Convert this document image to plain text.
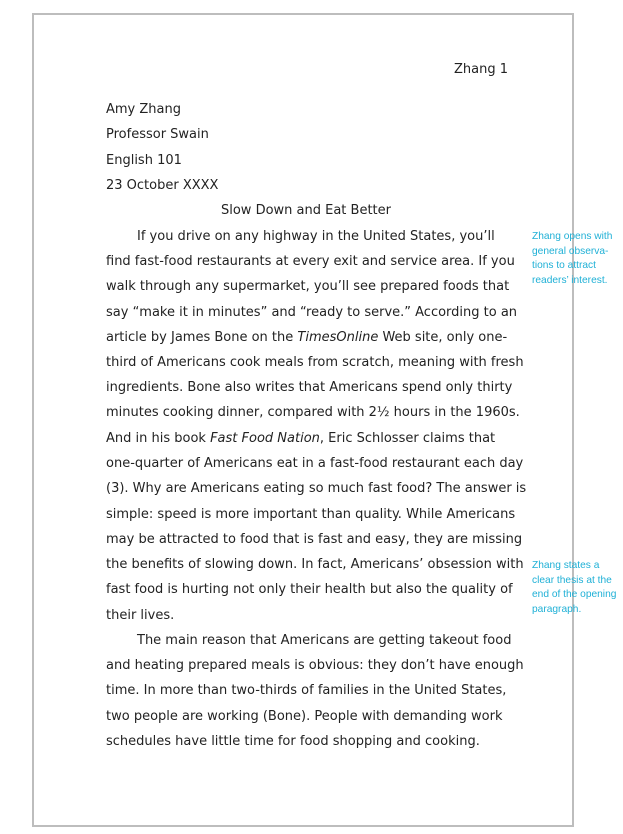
Zhang 1
Amy Zhang
Professor Swain
English 101
23 October XXXX
Slow Down and Eat Better
If you drive on any highway in the United States, you’ll
find fast-food restaurants at every exit and service area. If you
walk through any supermarket, you’ll see prepared foods that
say “make it in minutes” and “ready to serve.” According to an
article by James Bone on the TimesOnline Web site, only one-
third of Americans cook meals from scratch, meaning with fresh
ingredients. Bone also writes that Americans spend only thirty
minutes cooking dinner, compared with 2½ hours in the 1960s.
And in his book Fast Food Nation, Eric Schlosser claims that
one-quarter of Americans eat in a fast-food restaurant each day
(3). Why are Americans eating so much fast food? The answer is
simple: speed is more important than quality. While Americans
may be attracted to food that is fast and easy, they are missing
the benefits of slowing down. In fact, Americans’ obsession with
fast food is hurting not only their health but also the quality of
their lives.
The main reason that Americans are getting takeout food
and heating prepared meals is obvious: they don’t have enough
time. In more than two-thirds of families in the United States,
two people are working (Bone). People with demanding work
schedules have little time for food shopping and cooking.
Zhang opens with
general observa-
tions to attract
readers’ interest.
Zhang states a
clear thesis at the
end of the opening
paragraph.
